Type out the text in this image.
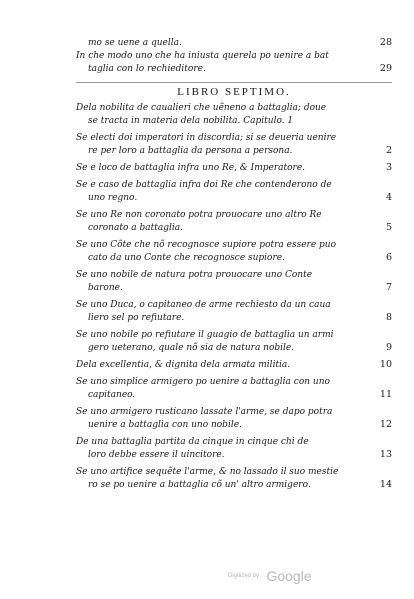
mo se uene a quella.	28
In che modo uno che ha iniusta querela po uenire a bat
taglia con lo rechieditore.	29
LIBRO SEPTIMO.
Dela nobilita de caualieri che uẽneno a battaglia; doue
se tracta in materia dela nobilita. Capitulo. 1
Se electi doi imperatori in discordia; si se deueria uenire
re per loro a battaglia da persona a persona.	2
Se e loco de battaglia infra uno Re, & Imperatore.	3
Se e caso de battaglia infra doi Re che contenderono de
uno regno.	4
Se uno Re non coronato potra prouocare uno altro Re
coronato a battaglia.	5
Se uno Cõte che nõ recognosce supiore potra essere puo
cato da uno Conte che recognosce supiore.	6
Se uno nobile de natura potra prouocare uno Conte
barone.	7
Se uno Duca, o capitaneo de arme rechiesto da un caua
liero sel po refiutare.	8
Se uno nobile po refiutare il guagio de battaglia un armi
gero ueterano, quale nõ sia de natura nobile.	9
Dela excellentia, & dignita dela armata militia.	10
Se uno simplice armigero po uenire a battaglia con uno
capitaneo.	11
Se uno armigero rusticano lassate l'arme, se dapo potra
uenire a battaglia con uno nobile.	12
De una battaglia partita da cinque in cinque chi de
loro debbe essere il uincitore.	13
Se uno artifice sequẽte l'arme, & no lassado il suo mestie
ro se po uenire a battaglia cõ un' altro armigero.	14
Digitized by Google
